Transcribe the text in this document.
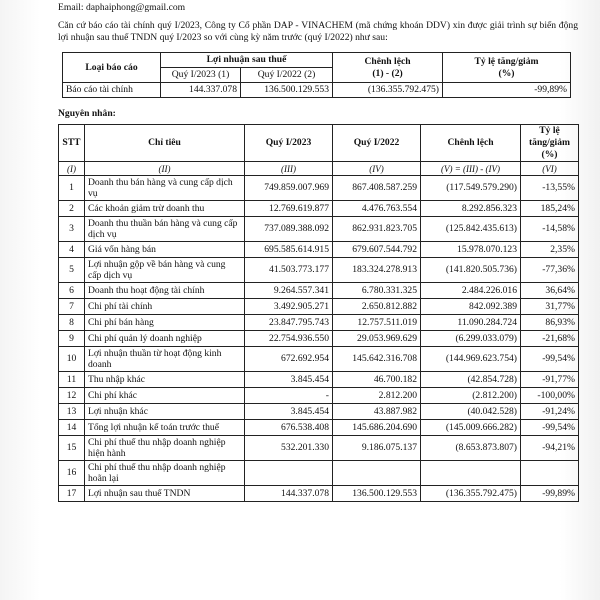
Email: daphaiphong@gmail.com

Căn cứ báo cáo tài chính quý I/2023, Công ty Cổ phần DAP - VINACHEM (mã chứng khoán DDV) xin được giải trình sự biến động lợi nhuận sau thuế TNDN quý I/2023 so với cùng kỳ năm trước (quý I/2022) như sau:

Loại báo cáo	Lợi nhuận sau thuế		Chênh lệch
(1) - (2)	Tỷ lệ tăng/giảm
(%)
	Quý I/2023 (1)	Quý I/2022 (2)		
Báo cáo tài chính	144.337.078	136.500.129.553	(136.355.792.475)	-99,89%
Nguyên nhân:
STT	Chỉ tiêu	Quý I/2023	Quý I/2022	Chênh lệch	Tỷ lệ tăng/giảm (%)
(I)	(II)	(III)	(IV)	(V) = (III) - (IV)	(VI)
1	Doanh thu bán hàng và cung cấp dịch vụ	749.859.007.969	867.408.587.259	(117.549.579.290)	-13,55%
2	Các khoản giảm trừ doanh thu	12.769.619.877	4.476.763.554	8.292.856.323	185,24%
3	Doanh thu thuần bán hàng và cung cấp dịch vụ	737.089.388.092	862.931.823.705	(125.842.435.613)	-14,58%
4	Giá vốn hàng bán	695.585.614.915	679.607.544.792	15.978.070.123	2,35%
5	Lợi nhuận gộp về bán hàng và cung cấp dịch vụ	41.503.773.177	183.324.278.913	(141.820.505.736)	-77,36%
6	Doanh thu hoạt động tài chính	9.264.557.341	6.780.331.325	2.484.226.016	36,64%
7	Chi phí tài chính	3.492.905.271	2.650.812.882	842.092.389	31,77%
8	Chi phí bán hàng	23.847.795.743	12.757.511.019	11.090.284.724	86,93%
9	Chi phí quản lý doanh nghiệp	22.754.936.550	29.053.969.629	(6.299.033.079)	-21,68%
10	Lợi nhuận thuần từ hoạt động kinh doanh	672.692.954	145.642.316.708	(144.969.623.754)	-99,54%
11	Thu nhập khác	3.845.454	46.700.182	(42.854.728)	-91,77%
12	Chi phí khác	-	2.812.200	(2.812.200)	-100,00%
13	Lợi nhuận khác	3.845.454	43.887.982	(40.042.528)	-91,24%
14	Tổng lợi nhuận kế toán trước thuế	676.538.408	145.686.204.690	(145.009.666.282)	-99,54%
15	Chi phí thuế thu nhập doanh nghiệp hiện hành	532.201.330	9.186.075.137	(8.653.873.807)	-94,21%
16	Chi phí thuế thu nhập doanh nghiệp hoãn lại				
17	Lợi nhuận sau thuế TNDN	144.337.078	136.500.129.553	(136.355.792.475)	-99,89%
